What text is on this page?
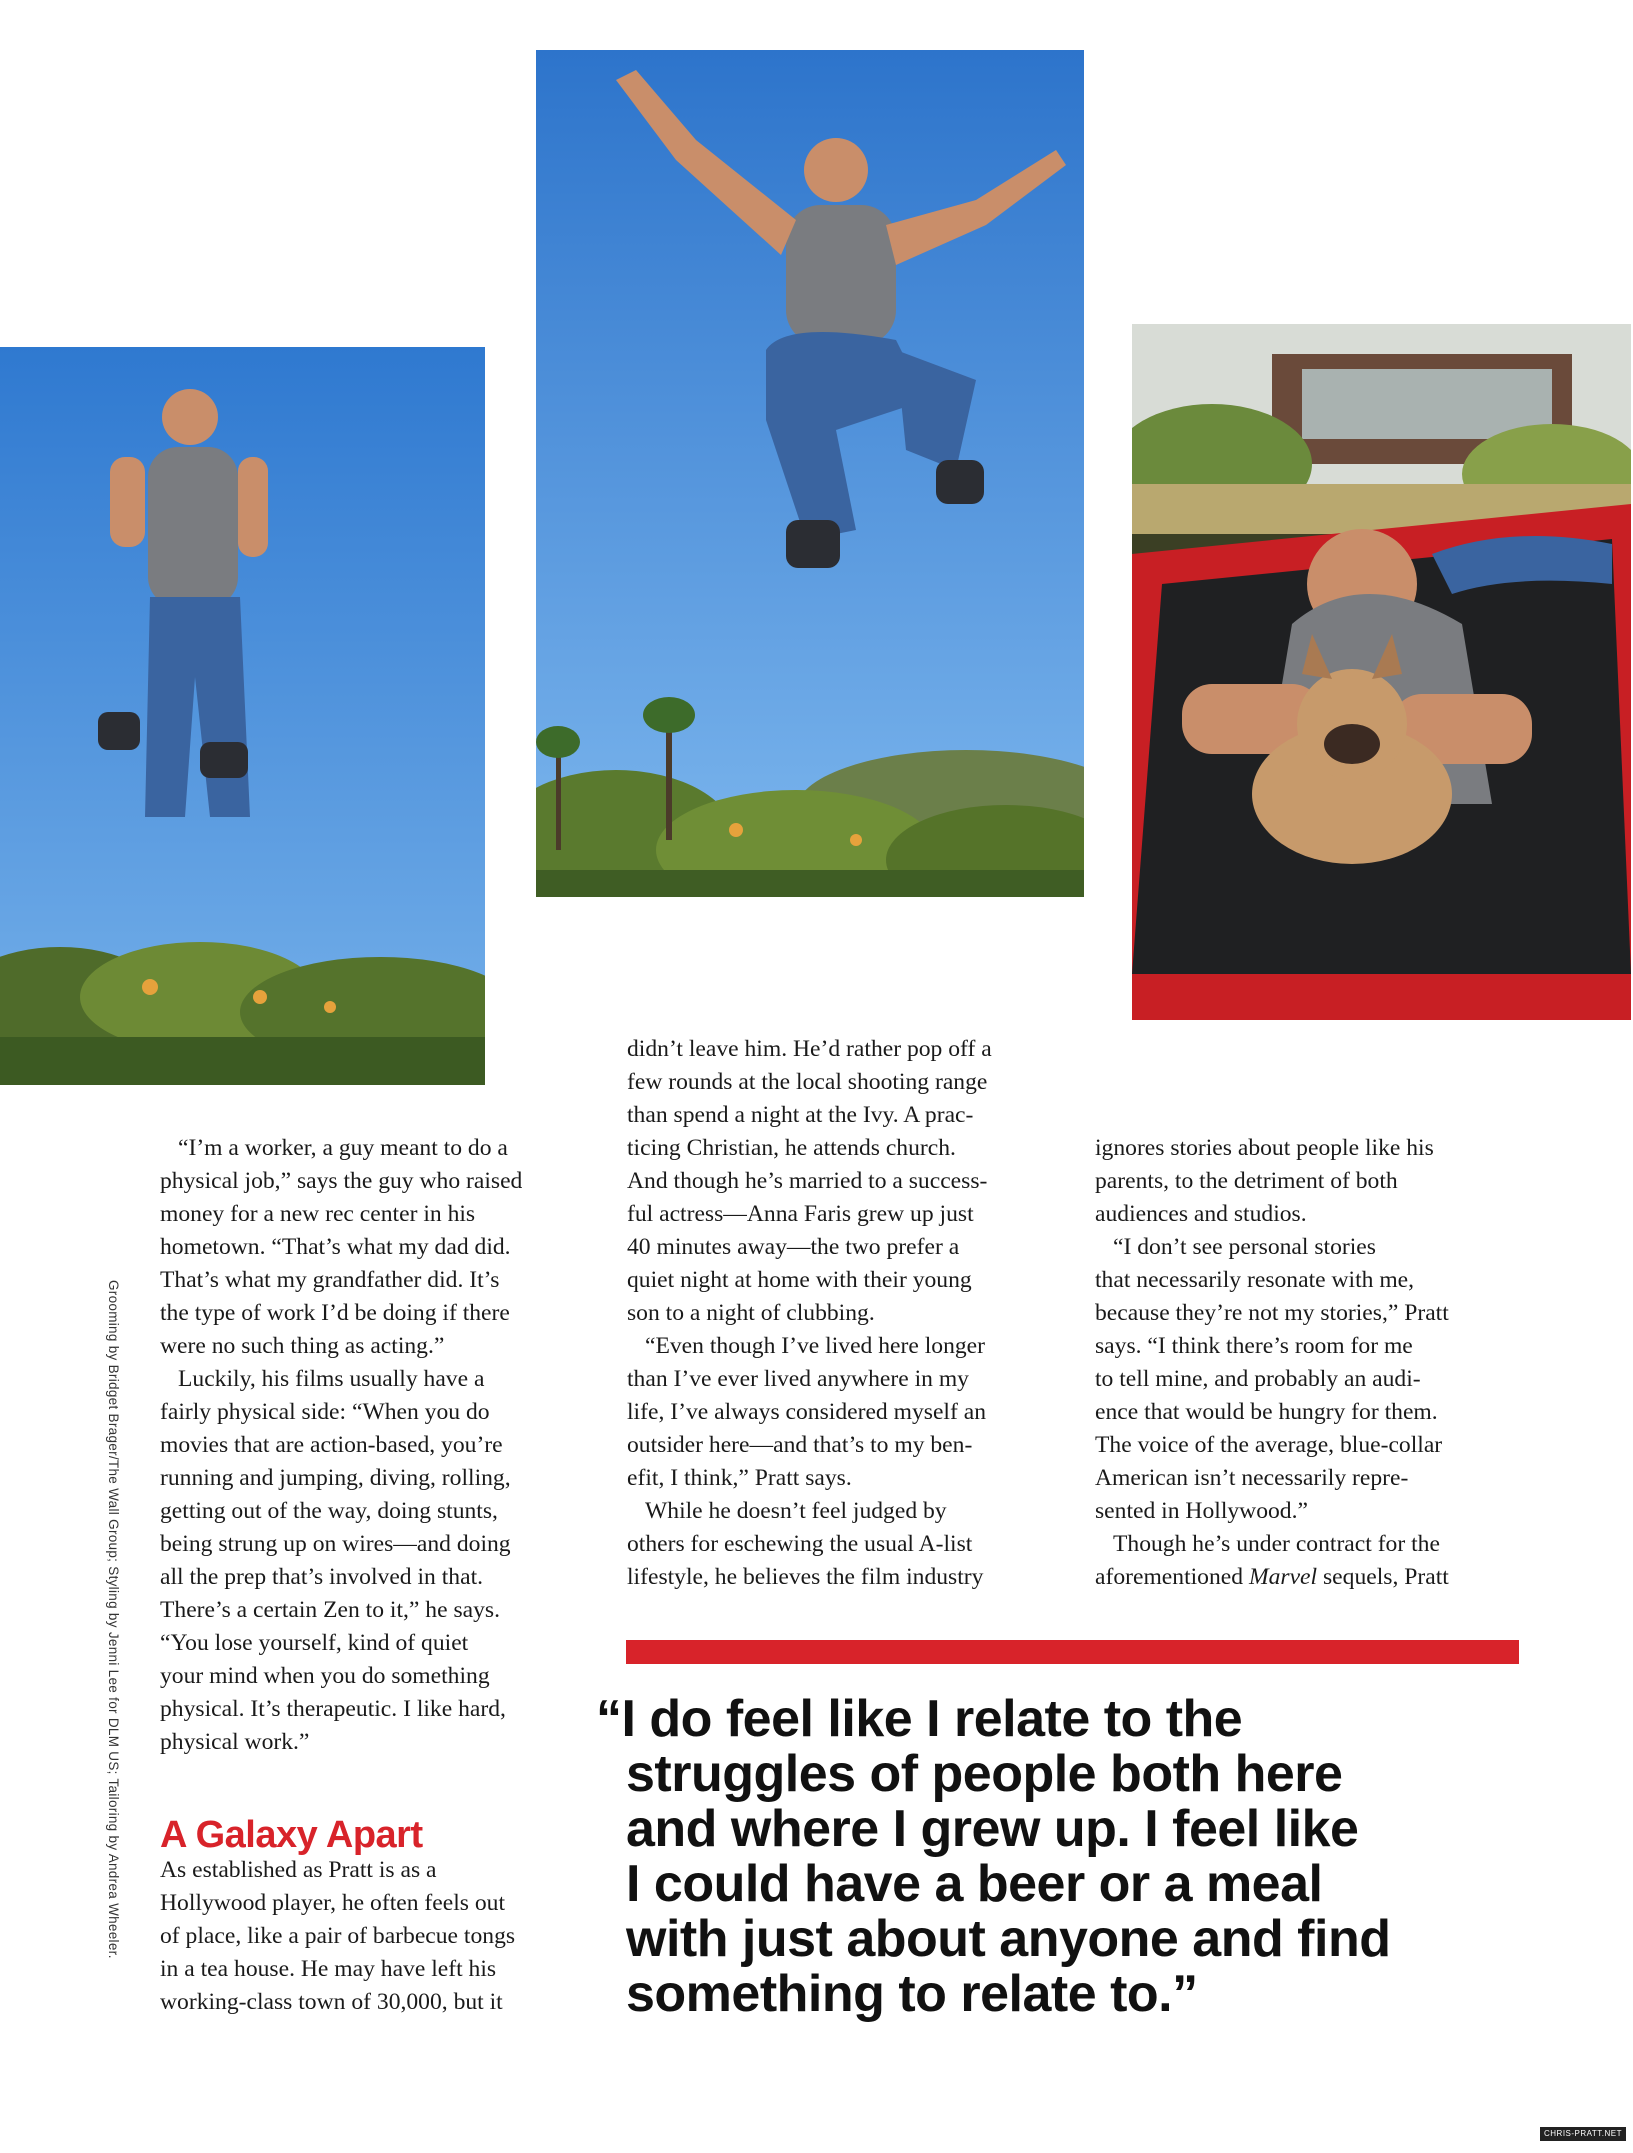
Grooming by Bridget Brager/The Wall Group; Styling by Jenni Lee for DLM US; Tailoring by Andrea Wheeler.
“I’m a worker, a guy meant to do a
physical job,” says the guy who raised
money for a new rec center in his
hometown. “That’s what my dad did.
That’s what my grandfather did. It’s
the type of work I’d be doing if there
were no such thing as acting.”
Luckily, his films usually have a
fairly physical side: “When you do
movies that are action-based, you’re
running and jumping, diving, rolling,
getting out of the way, doing stunts,
being strung up on wires—and doing
all the prep that’s involved in that.
There’s a certain Zen to it,” he says.
“You lose yourself, kind of quiet
your mind when you do something
physical. It’s therapeutic. I like hard,
physical work.”
A Galaxy Apart
As established as Pratt is as a
Hollywood player, he often feels out
of place, like a pair of barbecue tongs
in a tea house. He may have left his
working-class town of 30,000, but it
didn’t leave him. He’d rather pop off a
few rounds at the local shooting range
than spend a night at the Ivy. A prac-
ticing Christian, he attends church.
And though he’s married to a success-
ful actress—Anna Faris grew up just
40 minutes away—the two prefer a
quiet night at home with their young
son to a night of clubbing.
“Even though I’ve lived here longer
than I’ve ever lived anywhere in my
life, I’ve always considered myself an
outsider here—and that’s to my ben-
efit, I think,” Pratt says.
While he doesn’t feel judged by
others for eschewing the usual A-list
lifestyle, he believes the film industry
ignores stories about people like his
parents, to the detriment of both
audiences and studios.
“I don’t see personal stories
that necessarily resonate with me,
because they’re not my stories,” Pratt
says. “I think there’s room for me
to tell mine, and probably an audi-
ence that would be hungry for them.
The voice of the average, blue-collar
American isn’t necessarily repre-
sented in Hollywood.”
Though he’s under contract for the
aforementioned Marvel sequels, Pratt
“I do feel like I relate to the
struggles of people both here
and where I grew up. I feel like
I could have a beer or a meal
with just about anyone and find
something to relate to.”
CHRIS-PRATT.NET
